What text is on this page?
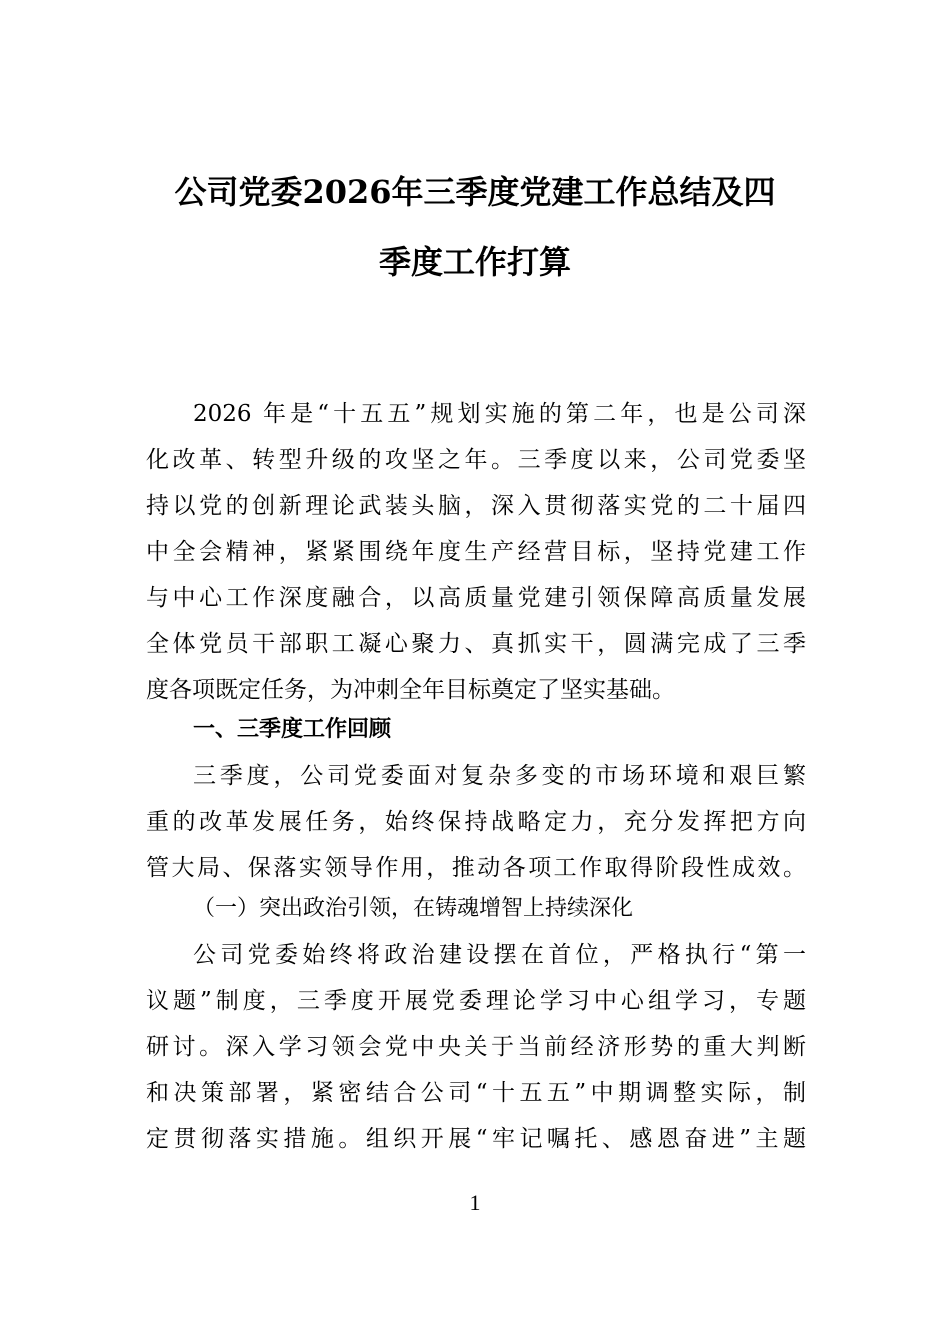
公司党委2026年三季度党建工作总结及四
季度工作打算
2026 年是“十五五”规划实施的第二年，也是公司深
化改革、转型升级的攻坚之年。三季度以来，公司党委坚
持以党的创新理论武装头脑，深入贯彻落实党的二十届四
中全会精神，紧紧围绕年度生产经营目标，坚持党建工作
与中心工作深度融合，以高质量党建引领保障高质量发展
全体党员干部职工凝心聚力、真抓实干，圆满完成了三季
度各项既定任务，为冲刺全年目标奠定了坚实基础。
一、三季度工作回顾
三季度，公司党委面对复杂多变的市场环境和艰巨繁
重的改革发展任务，始终保持战略定力，充分发挥把方向
管大局、保落实领导作用，推动各项工作取得阶段性成效。
（一）突出政治引领，在铸魂增智上持续深化
公司党委始终将政治建设摆在首位，严格执行“第一
议题”制度，三季度开展党委理论学习中心组学习，专题
研讨。深入学习领会党中央关于当前经济形势的重大判断
和决策部署，紧密结合公司“十五五”中期调整实际，制
定贯彻落实措施。组织开展“牢记嘱托、感恩奋进”主题
1
